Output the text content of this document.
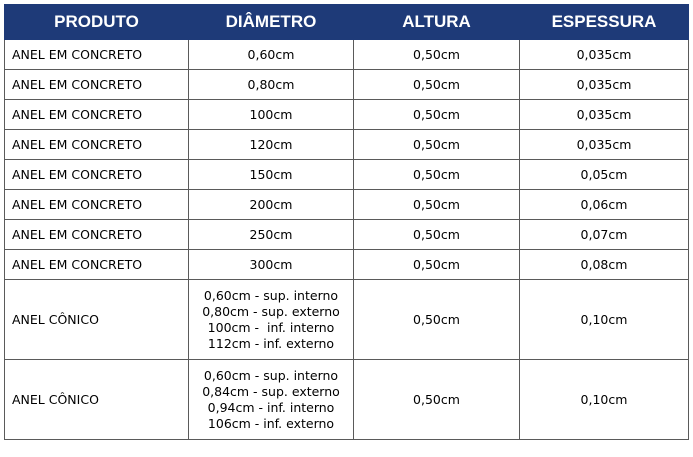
PRODUTO	DIÂMETRO	ALTURA	ESPESSURA
ANEL EM CONCRETO	0,60cm	0,50cm	0,035cm
ANEL EM CONCRETO	0,80cm	0,50cm	0,035cm
ANEL EM CONCRETO	100cm	0,50cm	0,035cm
ANEL EM CONCRETO	120cm	0,50cm	0,035cm
ANEL EM CONCRETO	150cm	0,50cm	0,05cm
ANEL EM CONCRETO	200cm	0,50cm	0,06cm
ANEL EM CONCRETO	250cm	0,50cm	0,07cm
ANEL EM CONCRETO	300cm	0,50cm	0,08cm
ANEL CÔNICO	0,60cm - sup. interno
0,80cm - sup. externo
100cm -  inf. interno
112cm - inf. externo	0,50cm	0,10cm
ANEL CÔNICO	0,60cm - sup. interno
0,84cm - sup. externo
0,94cm - inf. interno
106cm - inf. externo	0,50cm	0,10cm
